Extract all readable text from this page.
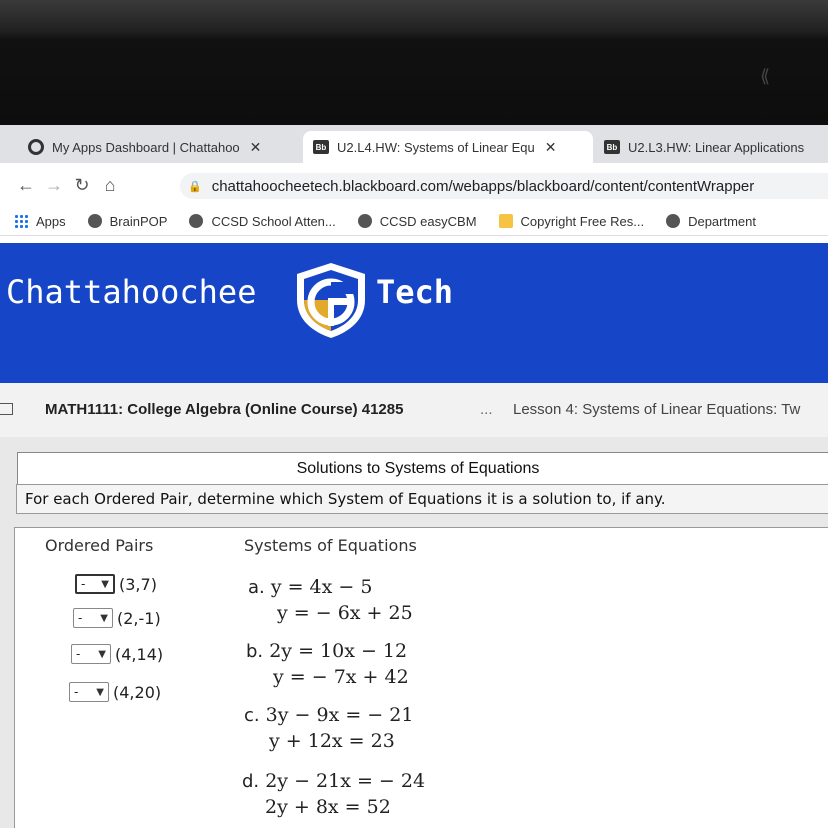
⟪
My Apps Dashboard | Chattahoo ✕	Bb U2.L4.HW: Systems of Linear Equ ✕	Bb U2.L3.HW: Linear Applications
← → ↻ ⌂	🔒 chattahoocheetech.blackboard.com/webapps/blackboard/content/contentWrapper
Apps	BrainPOP	CCSD School Atten...	CCSD easyCBM	Copyright Free Res...	Department
Chattahoochee	Tech
MATH1111: College Algebra (Online Course) 41285	... Lesson 4: Systems of Linear Equations: Tw
Solutions to Systems of Equations
For each Ordered Pair, determine which System of Equations it is a solution to, if any.
Ordered Pairs	Systems of Equations
- ▼ (3,7)
- ▼ (2,-1)
- ▼ (4,14)
- ▼ (4,20)
a. y = 4x − 5
y = − 6x + 25
b. 2y = 10x − 12
y = − 7x + 42
c. 3y − 9x = − 21
y + 12x = 23
d. 2y − 21x = − 24
2y + 8x = 52
